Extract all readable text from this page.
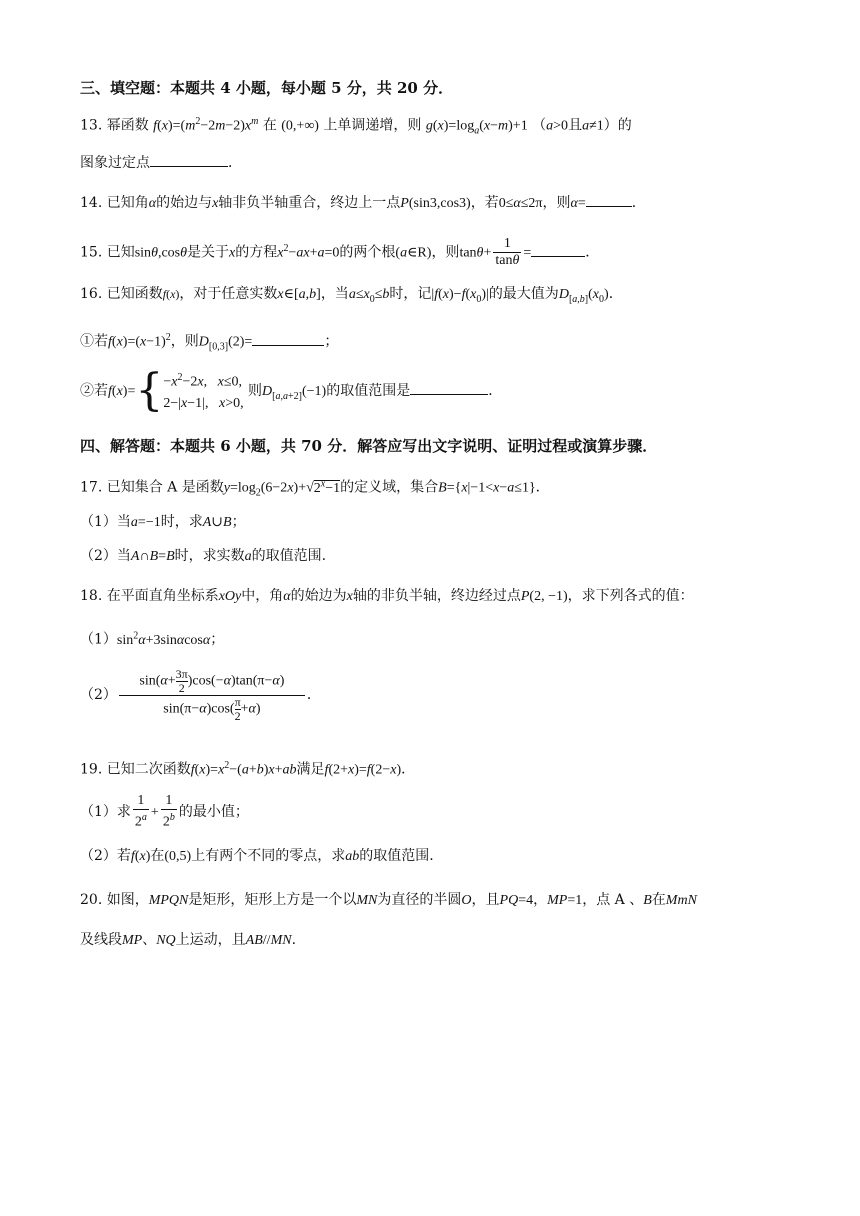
三、填空题：本题共 4 小题，每小题 5 分，共 20 分．
13. 幂函数 $f(x)=(m^2-2m-2)x^m$ 在 (0,+∞) 上单调递增，则 $g(x)=\log_a(x-m)+1$ （a>0且a≠1）的
图象过定点	．
14. 已知角α的始边与x轴非负半轴重合，终边上一点P(sin3,cos3)，若0≤α≤2π，则α=	．
15. 已知sinθ,cosθ是关于x的方程$x^2-ax+a=0$的两个根(a∈R)，则$\tan\theta+ \frac{1}{\tan\theta}$ =	．
16. 已知函数f(x)，对于任意实数x∈[a,b]，当$a\le x_0\le b$时，记$|f(x)-f(x_0)|$的最大值为$D_{[a,b]}(x_0)$．
①若$f(x)=(x-1)^2$，则$D_{[0,3]}(2)=$	；
②若$f(x)=\{ -x^2-2x$,   x≤0,
2−|x−1|,   x>0,
则$D_{[a,a+2]}(-1)$的取值范围是	．
四、解答题：本题共 6 小题，共 70 分．解答应写出文字说明、证明过程或演算步骤．
17. 已知集合 A 是函数$y=\log_2(6-2x)+√2^x-1$的定义域，集合B={x|−1<x−a≤1}．
（1）当a=−1时，求A∪B；
（2）当A∩B=B时，求实数a的取值范围.
18. 在平面直角坐标系xOy中，角α的始边为x轴的非负半轴，终边经过点P(2, −1)，求下列各式的值：
$(1)\sin^2\alpha+3\sin\alpha\cos\alpha$；
$(2) \frac{\sin(\alpha+ \frac{3\pi}{2} )\cos(-\alpha)\tan(\pi-\alpha)}{\sin(\pi-\alpha)\cos( \frac{\pi}{2} +\alpha)}$ ．
19. 已知二次函数$f(x)=x^2-(a+b)x+ab$满足f(2+x)=f(2−x)．
（1）求 $\frac{1}{2^a} + \frac{1}{2^b}$ 的最小值；
（2）若f(x)在(0,5)上有两个不同的零点，求ab的取值范围.
20. 如图，MPQN是矩形，矩形上方是一个以MN为直径的半圆O，且PQ=4，MP=1，点 A 、B在MmN
及线段MP、NQ上运动，且AB//MN.
